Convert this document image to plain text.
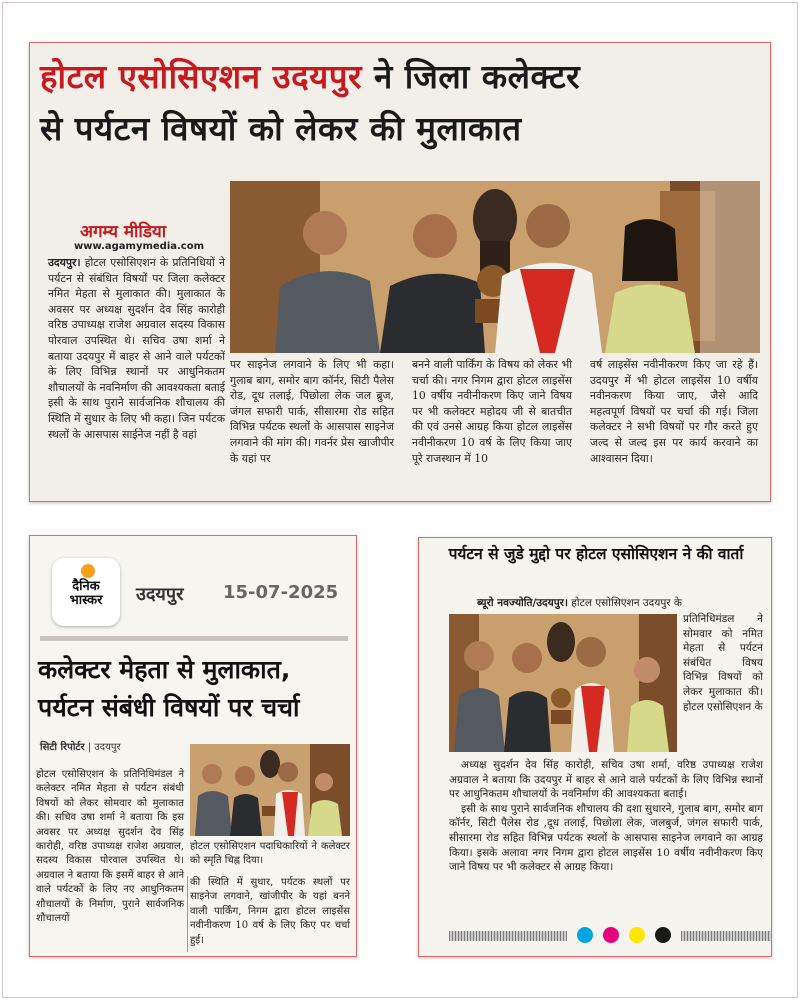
होटल एसोसिएशन उदयपुर ने जिला कलेक्टर
से पर्यटन विषयों को लेकर की मुलाकात
अगम्य मीडिया
www.agamymedia.com
उदयपुर। होटल एसोसिएशन के प्रतिनिधियों ने पर्यटन से संबंधित विषयों पर जिला कलेक्टर नमित मेहता से मुलाकात की। मुलाकात के अवसर पर अध्यक्ष सुदर्शन देव सिंह कारोही वरिष्ठ उपाध्यक्ष राजेश अग्रवाल सदस्य विकास पोरवाल उपस्थित थे। सचिव उषा शर्मा ने बताया उदयपुर में बाहर से आने वाले पर्यटकों के लिए विभिन्न स्थानों पर आधुनिकतम शौचालयों के नवनिर्माण की आवश्यकता बताई इसी के साथ पुराने सार्वजनिक शौचालय की स्थिति में सुधार के लिए भी कहा। जिन पर्यटक स्थलों के आसपास साईनेज नहीं है वहां
पर साइनेज लगवाने के लिए भी कहा। गुलाब बाग, समोर बाग कॉर्नर, सिटी पैलेस रोड, दूध तलाई, पिछोला लेक जल ब्रुज, जंगल सफारी पार्क, सीसारमा रोड सहित विभिन्न पर्यटक स्थलों के आसपास साइनेज लगवाने की मांग की। गवर्नर प्रेस खाजीपीर के यहां पर
बनने वाली पार्किंग के विषय को लेकर भी चर्चा की। नगर निगम द्वारा होटल लाइसेंस 10 वर्षीय नवीनीकरण किए जाने विषय पर भी कलेक्टर महोदय जी से बातचीत की एवं उनसे आग्रह किया होटल लाइसेंस नवीनीकरण 10 वर्ष के लिए किया जाए पूरे राजस्थान में 10
वर्ष लाइसेंस नवीनीकरण किए जा रहे हैं। उदयपुर में भी होटल लाइसेंस 10 वर्षीय नवीनकरण किया जाए, जैसे आदि महत्वपूर्ण विषयों पर चर्चा की गई। जिला कलेक्टर ने सभी विषयों पर गौर करते हुए जल्द से जल्द इस पर कार्य करवाने का आश्वासन दिया।
दैनिक भास्कर	उदयपुर 15-07-2025
कलेक्टर मेहता से मुलाकात, पर्यटन संबंधी विषयों पर चर्चा
सिटी रिपोर्टर | उदयपुर
होटल एसोसिएशन के प्रतिनिधिमंडल ने कलेक्टर नमित मेहता से पर्यटन संबंधी विषयों को लेकर सोमवार को मुलाकात की। सचिव उषा शर्मा ने बताया कि इस अवसर पर अध्यक्ष सुदर्शन देव सिंह कारोही, वरिष्ठ उपाध्यक्ष राजेश अग्रवाल, सदस्य विकास पोरवाल उपस्थित थे। अग्रवाल ने बताया कि इसमें बाहर से आने वाले पर्यटकों के लिए नए आधुनिकतम शौचालयों के निर्माण, पुराने सार्वजनिक शौचालयों
होटल एसोसिएशन पदाधिकारियों ने कलेक्टर को स्मृति चिह्न दिया।
की स्थिति में सुधार, पर्यटक स्थलों पर साइनेज लगवाने, खांजीपीर के यहां बनने वाली पार्किंग, निगम द्वारा होटल लाइसेंस नवीनीकरण 10 वर्ष के लिए किए पर चर्चा हुई।
पर्यटन से जुडे मुद्दो पर होटल एसोसिएशन ने की वार्ता
ब्यूरो नवज्योति/उदयपुर। होटल एसोसिएशन उदयपुर के
प्रतिनिधिमंडल ने सोमवार को नमित मेहता से पर्यटन संबंधित विषय विभिन्न विषयों को लेकर मुलाकात की। होटल एसोसिएशन के

अध्यक्ष सुदर्शन देव सिंह कारोही, सचिव उषा शर्मा, वरिष्ठ उपाध्यक्ष राजेश अग्रवाल ने बताया कि उदयपुर में बाहर से आने वाले पर्यटकों के लिए विभिन्न स्थानों पर आधुनिकतम शौचालयों के नवनिर्माण की आवश्यकता बताई।

इसी के साथ पुराने सार्वजनिक शौचालय की दशा सुधारने, गुलाब बाग, समोर बाग कॉर्नर, सिटी पैलेस रोड ,दूध तलाई, पिछोला लेक, जलबुर्ज, जंगल सफारी पार्क, सीसारमा रोड सहित विभिन्न पर्यटक स्थलों के आसपास साइनेज लगवाने का आग्रह किया। इसके अलावा नगर निगम द्वारा होटल लाइसेंस 10 वर्षीय नवीनीकरण किए जाने विषय पर भी कलेक्टर से आग्रह किया।
